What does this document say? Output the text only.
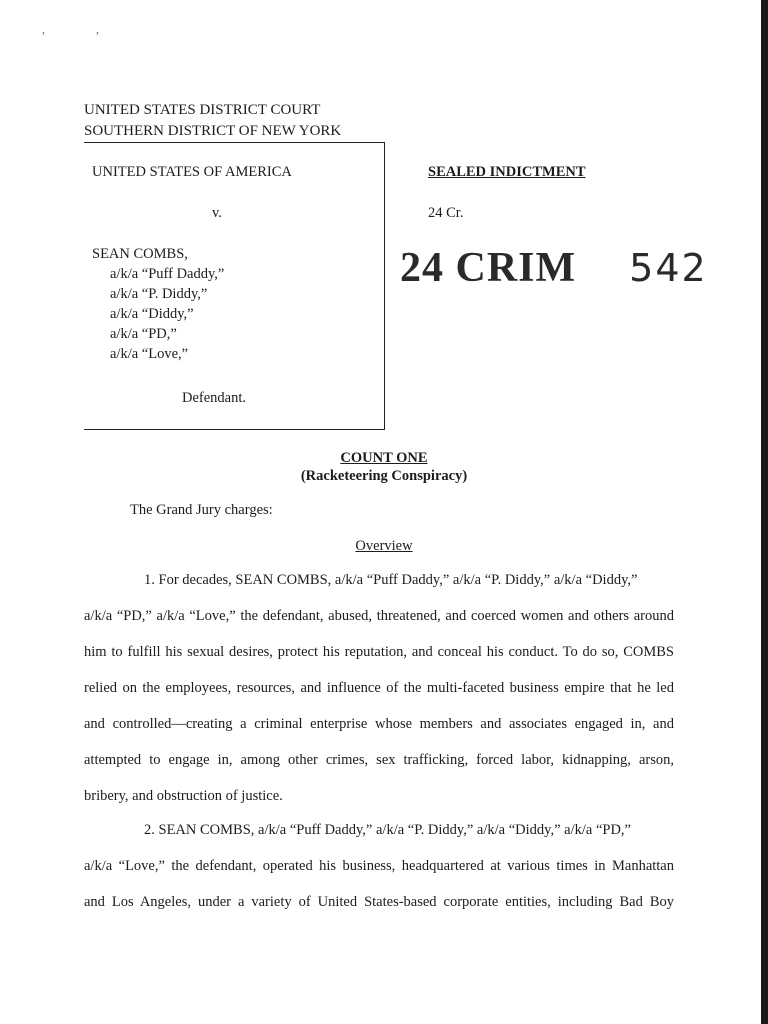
, ,
UNITED STATES DISTRICT COURT
SOUTHERN DISTRICT OF NEW YORK
UNITED STATES OF AMERICA
v.
SEAN COMBS,
a/k/a “Puff Daddy,”
a/k/a “P. Diddy,”
a/k/a “Diddy,”
a/k/a “PD,”
a/k/a “Love,”
Defendant.
SEALED INDICTMENT
24 Cr.
24 CRIM 542
COUNT ONE
(Racketeering Conspiracy)
The Grand Jury charges:
Overview
1. For decades, SEAN COMBS, a/k/a “Puff Daddy,” a/k/a “P. Diddy,” a/k/a “Diddy,”
a/k/a “PD,” a/k/a “Love,” the defendant, abused, threatened, and coerced women and others around
him to fulfill his sexual desires, protect his reputation, and conceal his conduct. To do so, COMBS
relied on the employees, resources, and influence of the multi-faceted business empire that he led
and controlled—creating a criminal enterprise whose members and associates engaged in, and
attempted to engage in, among other crimes, sex trafficking, forced labor, kidnapping, arson,
bribery, and obstruction of justice.
2. SEAN COMBS, a/k/a “Puff Daddy,” a/k/a “P. Diddy,” a/k/a “Diddy,” a/k/a “PD,”
a/k/a “Love,” the defendant, operated his business, headquartered at various times in Manhattan
and Los Angeles, under a variety of United States-based corporate entities, including Bad Boy
